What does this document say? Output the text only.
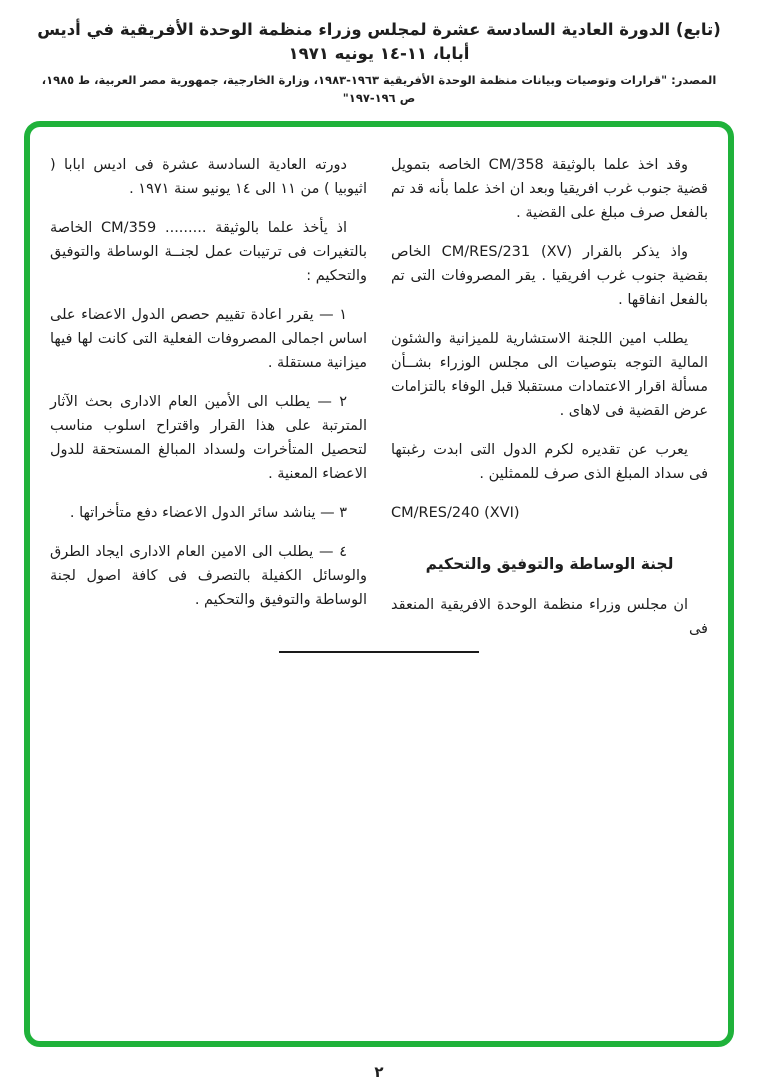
(تابع) الدورة العادية السادسة عشرة لمجلس وزراء منظمة الوحدة الأفريقية في أديس أبابا، ١١-١٤ يونيه ١٩٧١
المصدر: "قرارات وتوصيات وبيانات منظمة الوحدة الأفريقية ١٩٦٣-١٩٨٣، وزارة الخارجية، جمهورية مصر العربية، ط ١٩٨٥، ص ١٩٦-١٩٧"

وقد اخذ علما بالوثيقة CM/358 الخاصه بتمويل قضية جنوب غرب افريقيا وبعد ان اخذ علما بأنه قد تم بالفعل صرف مبلغ على القضية .

واذ يذكر بالقرار CM/RES/231 (XV) الخاص بقضية جنوب غرب افريقيا . يقر المصروفات التى تم بالفعل انفاقها .

يطلب امين اللجنة الاستشارية للميزانية والشئون المالية التوجه بتوصيات الى مجلس الوزراء بشــأن مسألة اقرار الاعتمادات مستقبلا قبل الوفاء بالتزامات عرض القضية فى لاهاى .

يعرب عن تقديره لكرم الدول التى ابدت رغبتها فى سداد المبلغ الذى صرف للممثلين .

CM/RES/240 (XVI)

لجنة الوساطة والتوفيق والتحكيم

ان مجلس وزراء منظمة الوحدة الافريقية المنعقد فى

دورته العادية السادسة عشرة فى اديس ابابا ( اثيوبيا ) من ١١ الى ١٤ يونيو سنة ١٩٧١ .

اذ يأخذ علما بالوثيقة ......... CM/359 الخاصة بالتغيرات فى ترتيبات عمل لجنــة الوساطة والتوفيق والتحكيم :

١ — يقرر اعادة تقييم حصص الدول الاعضاء على اساس اجمالى المصروفات الفعلية التى كانت لها فيها ميزانية مستقلة .

٢ — يطلب الى الأمين العام الادارى بحث الآثار المترتبة على هذا القرار واقتراح اسلوب مناسب لتحصيل المتأخرات ولسداد المبالغ المستحقة للدول الاعضاء المعنية .

٣ — يناشد سائر الدول الاعضاء دفع متأخراتها .

٤ — يطلب الى الامين العام الادارى ايجاد الطرق والوسائل الكفيلة بالتصرف فى كافة اصول لجنة الوساطة والتوفيق والتحكيم .

٢
